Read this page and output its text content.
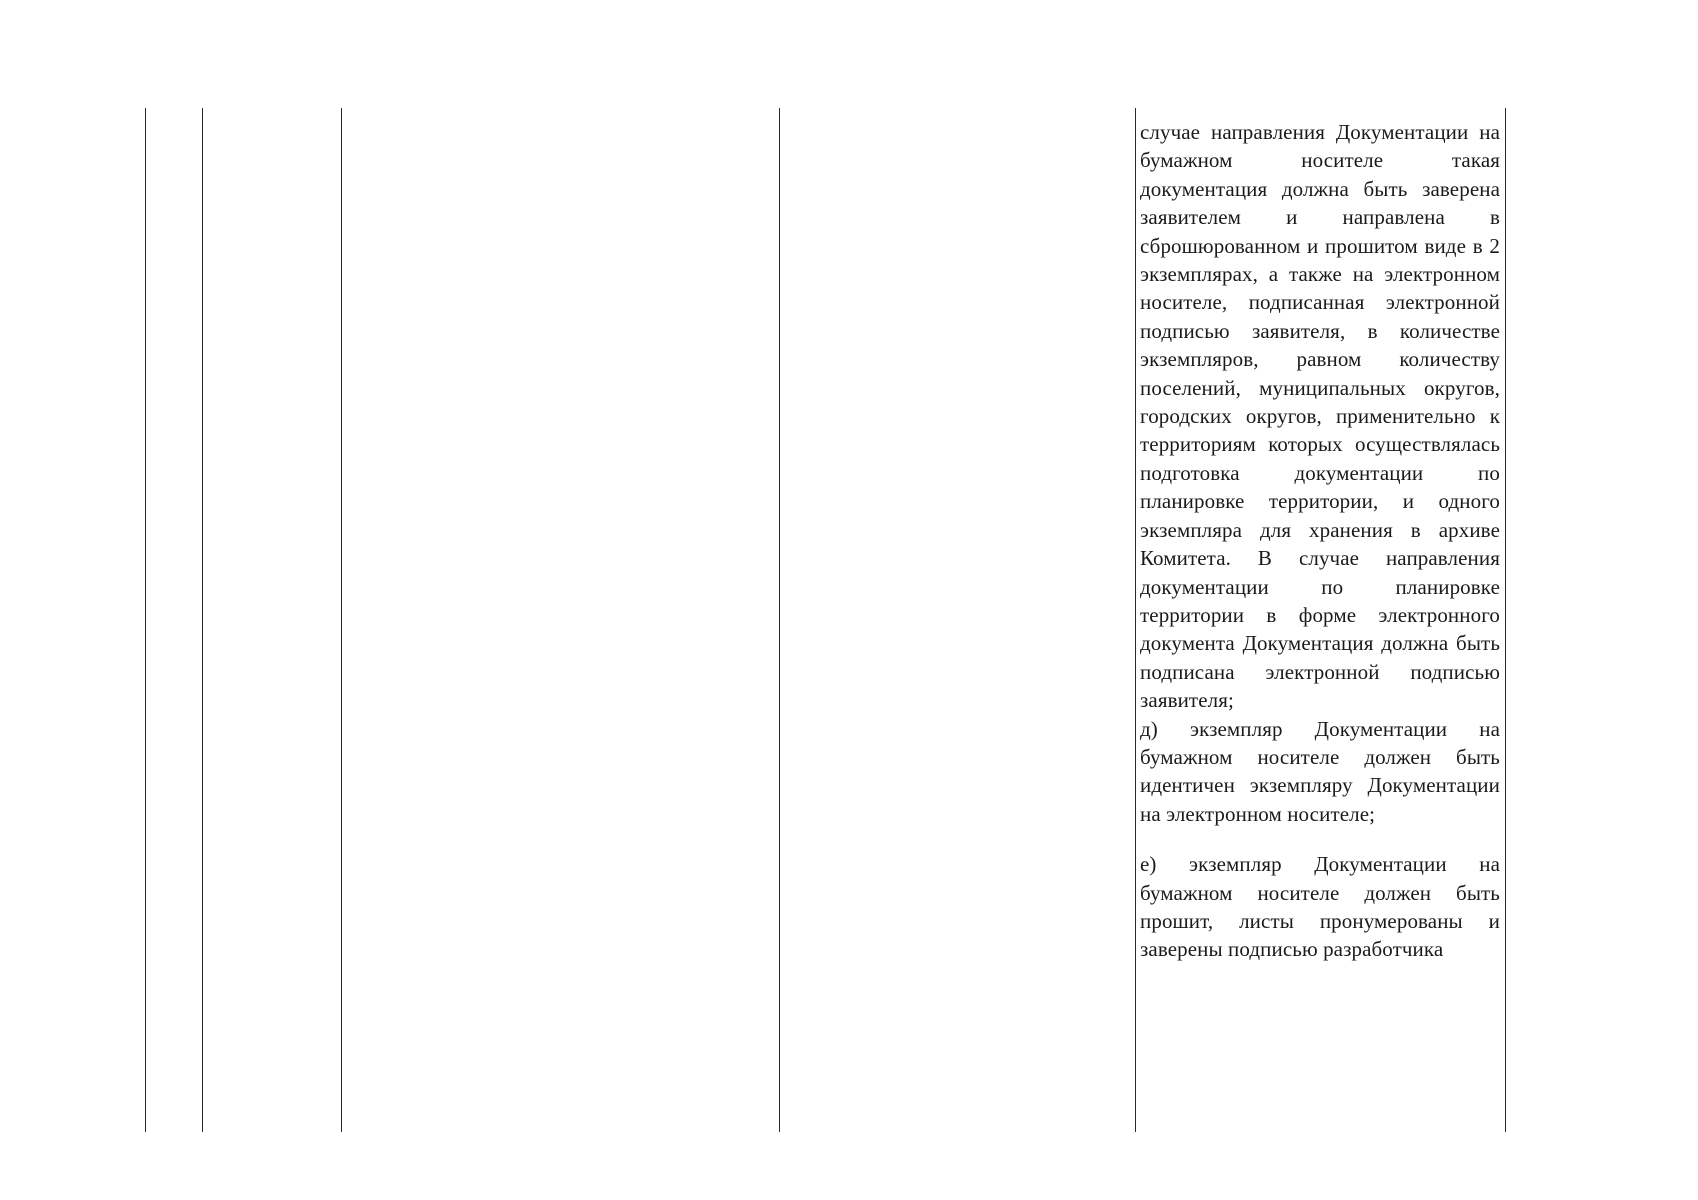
случае направления Документации на бумажном носителе такая документация должна быть заверена заявителем и направлена в сброшюрованном и прошитом виде в 2 экземплярах, а также на электронном носителе, подписанная электронной подписью заявителя, в количестве экземпляров, равном количеству поселений, муниципальных округов, городских округов, применительно к территориям которых осуществлялась подготовка документации по планировке территории, и одного экземпляра для хранения в архиве Комитета. В случае направления документации по планировке территории в форме электронного документа Документация должна быть подписана электронной подписью заявителя;

д) экземпляр Документации на бумажном носителе должен быть идентичен экземпляру Документации на электронном носителе;

е) экземпляр Документации на бумажном носителе должен быть прошит, листы пронумерованы и заверены подписью разработчика
